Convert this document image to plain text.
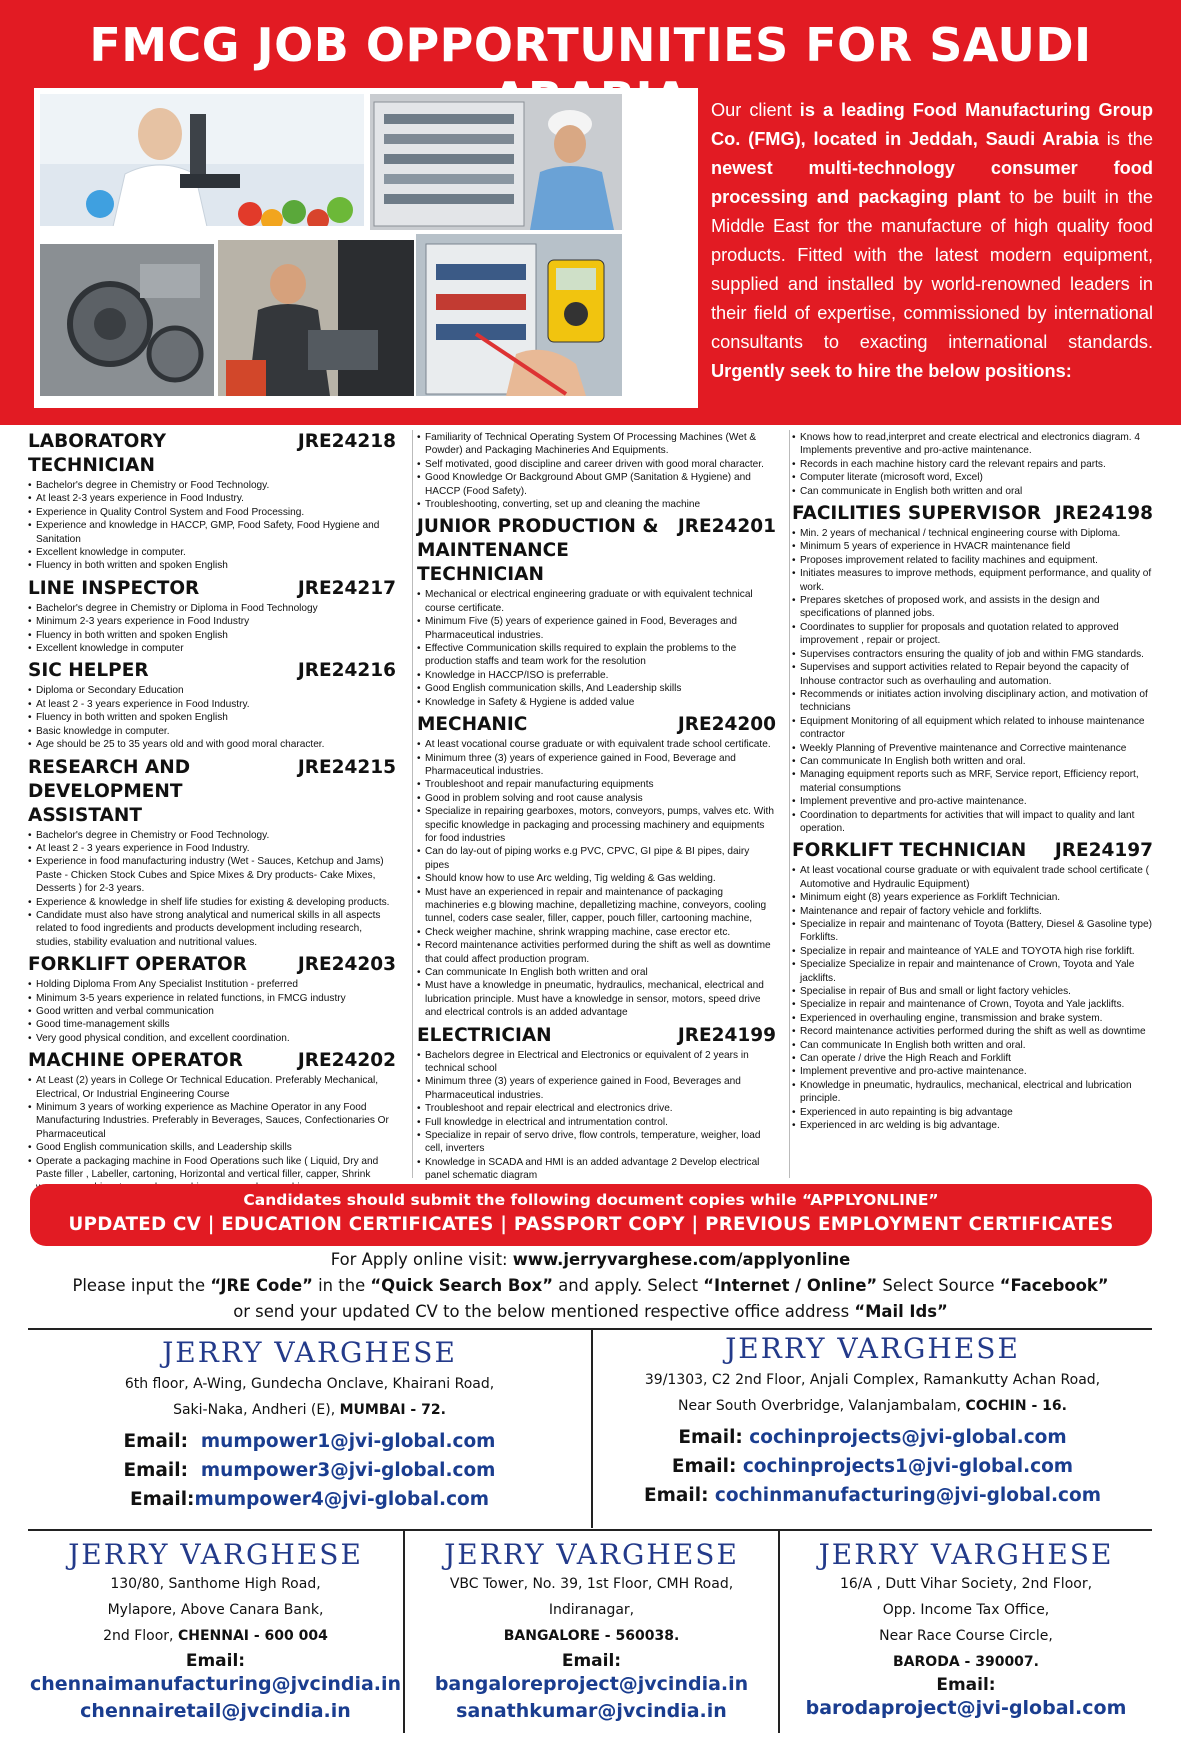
FMCG JOB OPPORTUNITIES FOR SAUDI
Our client is a leading Food Manufacturing Group Co. (FMG), located in Jeddah, Saudi Arabia is the newest multi-technology consumer food processing and packaging plant to be built in the Middle East for the manufacture of high quality food products. Fitted with the latest modern equipment, supplied and installed by world-renowned leaders in their field of expertise, commissioned by international consultants to exacting international standards. Urgently seek to hire the below positions:
LABORATORY TECHNICIAN
JRE24218
• Bachelor's degree in Chemistry or Food Technology.
• At least 2-3 years experience in Food Industry.
• Experience in Quality Control System and Food Processing.
• Experience and knowledge in HACCP, GMP, Food Safety, Food Hygiene and Sanitation
• Excellent knowledge in computer.
• Fluency in both written and spoken English
LINE INSPECTOR	JRE24217
• Bachelor's degree in Chemistry or Diploma in Food Technology
• Minimum 2-3 years experience in Food Industry
• Fluency in both written and spoken English
• Excellent knowledge in computer
SIC HELPER	JRE24216
• Diploma or Secondary Education
• At least 2 - 3 years experience in Food Industry.
• Fluency in both written and spoken English
• Basic knowledge in computer.
• Age should be 25 to 35 years old and with good moral character.
RESEARCH AND DEVELOPMENT ASSISTANT
JRE24215
• Bachelor's degree in Chemistry or Food Technology.
• At least 2 - 3 years experience in Food Industry.
• Experience in food manufacturing industry (Wet - Sauces, Ketchup and Jams) Paste - Chicken Stock Cubes and Spice Mixes & Dry products- Cake Mixes, Desserts ) for 2-3 years.
• Experience & knowledge in shelf life studies for existing & developing products.
• Candidate must also have strong analytical and numerical skills in all aspects related to food ingredients and products development including research, studies, stability evaluation and nutritional values.
FORKLIFT OPERATOR	JRE24203
• Holding Diploma From Any Specialist Institution - preferred
• Minimum 3-5 years experience in related functions, in FMCG industry
• Good written and verbal communication
• Good time-management skills
• Very good physical condition, and excellent coordination.
MACHINE OPERATOR	JRE24202
• At Least (2) years in College Or Technical Education. Preferably Mechanical, Electrical, Or Industrial Engineering Course
• Minimum 3 years of working experience as Machine Operator in any Food Manufacturing Industries. Preferably in Beverages, Sauces, Confectionaries Or Pharmaceutical
• Good English communication skills, and Leadership skills
• Operate a packaging machine in Food Operations such like ( Liquid, Dry and Paste filler , Labeller, cartoning, Horizontal and vertical filler, capper, Shrink
• Familiarity of Technical Operating System Of Processing Machines (Wet & Powder) and Packaging Machineries And Equipments.
• Self motivated, good discipline and career driven with good moral character.
• Good Knowledge Or Background About GMP (Sanitation & Hygiene) and HACCP (Food Safety).
• Troubleshooting, converting, set up and cleaning the machine
JUNIOR PRODUCTION & MAINTENANCE TECHNICIAN
JRE24201
• Mechanical or electrical engineering graduate or with equivalent technical course certificate.
• Minimum Five (5) years of experience gained in Food, Beverages and Pharmaceutical industries.
• Effective Communication skills required to explain the problems to the production staffs and team work for the resolution
• Knowledge in HACCP/ISO is preferrable.
• Good English communication skills, And Leadership skills
• Knowledge in Safety & Hygiene is added value
MECHANIC	JRE24200
• At least vocational course graduate or with equivalent trade school certificate.
• Minimum three (3) years of experience gained in Food, Beverage and Pharmaceutical industries.
• Troubleshoot and repair manufacturing equipments
• Good in problem solving and root cause analysis
• Specialize in repairing gearboxes, motors, conveyors, pumps, valves etc. With specific knowledge in packaging and processing machinery and equipments for food industries
• Can do lay-out of piping works e.g PVC, CPVC, GI pipe & BI pipes, dairy pipes
• Should know how to use Arc welding, Tig welding & Gas welding.
• Must have an experienced in repair and maintenance of packaging machineries e.g blowing machine, depalletizing machine, conveyors, cooling tunnel, coders case sealer, filler, capper, pouch filler, cartooning machine,
• Check weigher machine, shrink wrapping machine, case erector etc.
• Record maintenance activities performed during the shift as well as downtime that could affect production program.
• Can communicate In English both written and oral
• Must have a knowledge in pneumatic, hydraulics, mechanical, electrical and lubrication principle. Must have a knowledge in sensor, motors, speed drive and electrical controls is an added advantage
ELECTRICIAN	JRE24199
• Bachelors degree in Electrical and Electronics or equivalent of 2 years in technical school
• Minimum three (3) years of experience gained in Food, Beverages and Pharmaceutical industries.
• Troubleshoot and repair electrical and electronics drive.
• Full knowledge in electrical and intrumentation control.
• Specialize in repair of servo drive, flow controls, temperature, weigher, load cell, inverters
• Knowledge in SCADA and HMI is an added advantage 2 Develop electrical panel schematic diagram
• Knows how to read,interpret and create electrical and electronics diagram. 4 Implements preventive and pro-active maintenance.
• Records in each machine history card the relevant repairs and parts.
• Computer literate (microsoft word, Excel)
• Can communicate in English both written and oral
FACILITIES SUPERVISOR JRE24198
• Min. 2 years of mechanical / technical engineering course with Diploma.
• Minimum 5 years of experience in HVACR maintenance field
• Proposes improvement related to facility machines and equipment.
• Initiates measures to improve methods, equipment performance, and quality of work.
• Prepares sketches of proposed work, and assists in the design and specifications of planned jobs.
• Coordinates to supplier for proposals and quotation related to approved improvement , repair or project.
• Supervises contractors ensuring the quality of job and within FMG standards.
• Supervises and support activities related to Repair beyond the capacity of Inhouse contractor such as overhauling and automation.
• Recommends or initiates action involving disciplinary action, and motivation of technicians
• Equipment Monitoring of all equipment which related to inhouse maintenance contractor
• Weekly Planning of Preventive maintenance and Corrective maintenance
• Can communicate In English both written and oral.
• Managing equipment reports such as MRF, Service report, Efficiency report, material consumptions
• Implement preventive and pro-active maintenance.
• Coordination to departments for activities that will impact to quality and lant operation.
FORKLIFT TECHNICIAN JRE24197
• At least vocational course graduate or with equivalent trade school certificate ( Automotive and Hydraulic Equipment)
• Minimum eight (8) years experience as Forklift Technician.
• Maintenance and repair of factory vehicle and forklifts.
• Specialize in repair and maintenanc of Toyota (Battery, Diesel & Gasoline type) Forklifts.
• Specialize in repair and mainteance of YALE and TOYOTA high rise forklift.
• Specialize Specialize in repair and maintenance of Crown, Toyota and Yale jacklifts.
• Specialise in repair of Bus and small or light factory vehicles.
• Specialize in repair and maintenance of Crown, Toyota and Yale jacklifts.
• Experienced in overhauling engine, transmission and brake system.
• Record maintenance activities performed during the shift as well as downtime
• Can communicate In English both written and oral.
• Can operate / drive the High Reach and Forklift
• Implement preventive and pro-active maintenance.
• Knowledge in pneumatic, hydraulics, mechanical, electrical and lubrication principle.
• Experienced in auto repainting is big advantage
• Experienced in arc welding is big advantage.
Candidates should submit the following document copies while “APPLYONLINE”
UPDATED CV | EDUCATION CERTIFICATES | PASSPORT COPY | PREVIOUS EMPLOYMENT CERTIFICATES
For Apply online visit: www.jerryvarghese.com/applyonline
Please input the “JRE Code” in the “Quick Search Box” and apply. Select “Internet / Online” Select Source “Facebook”
or send your updated CV to the below mentioned respective office address “Mail Ids”
JERRY VARGHESE
6th floor, A-Wing, Gundecha Onclave, Khairani Road,
Saki-Naka, Andheri (E), MUMBAI - 72.
Email: mumpower1@jvi-global.com
Email: mumpower3@jvi-global.com
Email:mumpower4@jvi-global.com
JERRY VARGHESE
39/1303, C2 2nd Floor, Anjali Complex, Ramankutty Achan Road,
Near South Overbridge, Valanjambalam, COCHIN - 16.
Email: cochinprojects@jvi-global.com
Email: cochinprojects1@jvi-global.com
Email: cochinmanufacturing@jvi-global.com
JERRY VARGHESE
130/80, Santhome High Road,
Mylapore, Above Canara Bank,
2nd Floor, CHENNAI - 600 004
Email:
chennaimanufacturing@jvcindia.in
chennairetail@jvcindia.in
JERRY VARGHESE
VBC Tower, No. 39, 1st Floor, CMH Road,
Indiranagar,
BANGALORE - 560038.
Email:
bangaloreproject@jvcindia.in
sanathkumar@jvcindia.in
JERRY VARGHESE
16/A , Dutt Vihar Society, 2nd Floor,
Opp. Income Tax Office,
Near Race Course Circle,
BARODA - 390007.
Email:
barodaproject@jvi-global.com
